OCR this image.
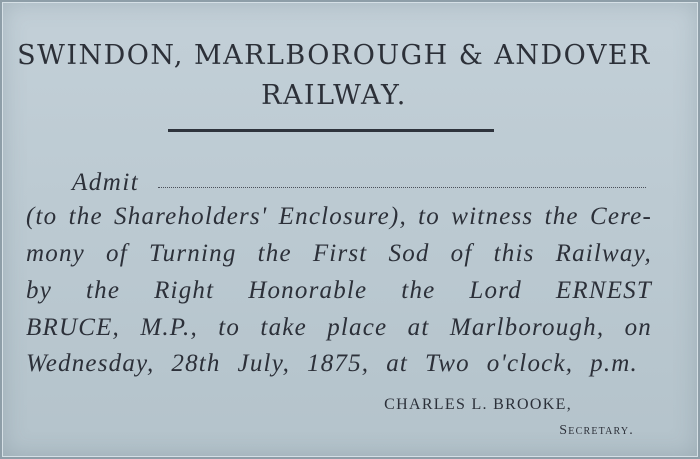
SWINDON, MARLBOROUGH & ANDOVER
RAILWAY.
Admit
(to the Shareholders' Enclosure), to witness the Cere-
mony of Turning the First Sod of this Railway,
by the Right Honorable the Lord ERNEST
BRUCE, M.P., to take place at Marlborough, on
Wednesday, 28th July, 1875, at Two o'clock, p.m.
CHARLES L. BROOKE,
Secretary.
